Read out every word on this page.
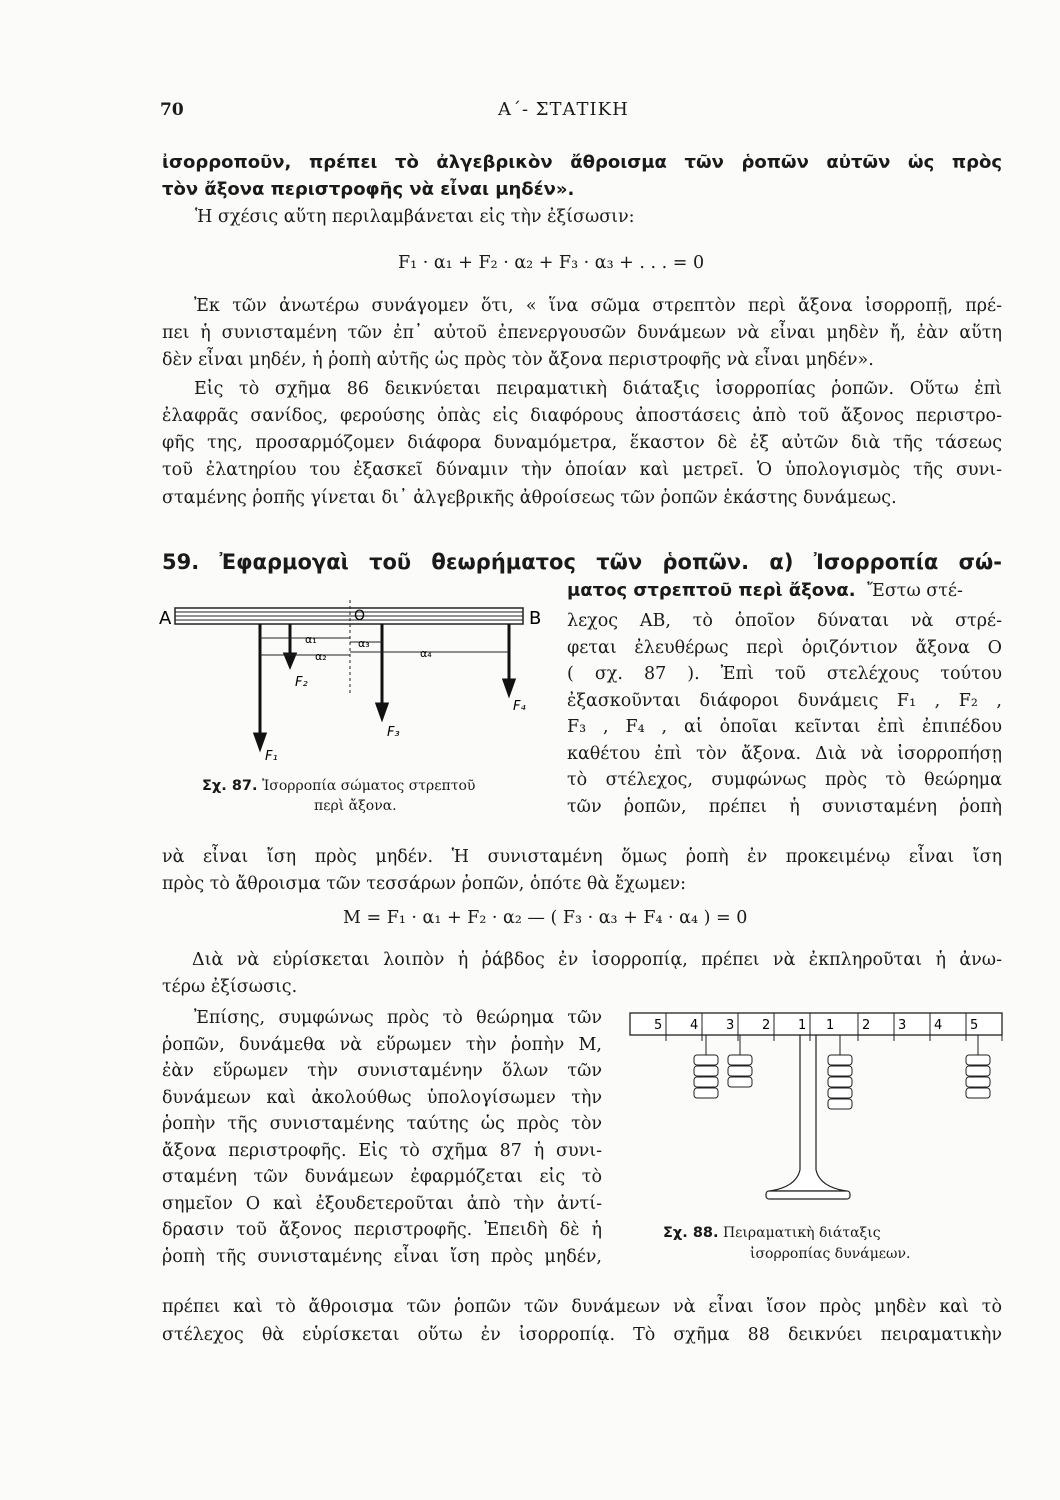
70	Α΄- ΣΤΑΤΙΚΗ
ἰσορροποῦν, πρέπει τὸ ἀλγεβρικὸν ἄθροισμα τῶν ῥοπῶν αὐτῶν ὡς πρὸς
τὸν ἄξονα περιστροφῆς νὰ εἶναι μηδέν».
Ἡ σχέσις αὕτη περιλαμβάνεται εἰς τὴν ἐξίσωσιν:
F₁ · α₁ + F₂ · α₂ + F₃ · α₃ + . . . = 0
Ἐκ τῶν ἀνωτέρω συνάγομεν ὅτι, « ἵνα σῶμα στρεπτὸν περὶ ἄξονα ἰσορροπῇ, πρέ-
πει ἡ συνισταμένη τῶν ἐπ᾿ αὐτοῦ ἐπενεργουσῶν δυνάμεων νὰ εἶναι μηδὲν ἤ, ἐὰν αὕτη
δὲν εἶναι μηδέν, ἡ ῥοπὴ αὐτῆς ὡς πρὸς τὸν ἄξονα περιστροφῆς νὰ εἶναι μηδέν».
Εἰς τὸ σχῆμα 86 δεικνύεται πειραματικὴ διάταξις ἰσορροπίας ῥοπῶν. Οὕτω ἐπὶ
ἐλαφρᾶς σανίδος, φερούσης ὀπὰς εἰς διαφόρους ἀποστάσεις ἀπὸ τοῦ ἄξονος περιστρο-
φῆς της, προσαρμόζομεν διάφορα δυναμόμετρα, ἕκαστον δὲ ἐξ αὐτῶν διὰ τῆς τάσεως
τοῦ ἐλατηρίου του ἐξασκεῖ δύναμιν τὴν ὁποίαν καὶ μετρεῖ. Ὁ ὑπολογισμὸς τῆς συνι-
σταμένης ῥοπῆς γίνεται δι᾿ ἀλγεβρικῆς ἀθροίσεως τῶν ῥοπῶν ἑκάστης δυνάμεως.
59. Ἐφαρμογαὶ τοῦ θεωρήματος τῶν ῥοπῶν. α) Ἰσορροπία σώ-
ματος στρεπτοῦ περὶ ἄξονα. Ἔστω στέ-
λεχος ΑΒ, τὸ ὁποῖον δύναται νὰ στρέ-
φεται ἐλευθέρως περὶ ὁριζόντιον ἄξονα Ο
( σχ. 87 ). Ἐπὶ τοῦ στελέχους τούτου
ἐξασκοῦνται διάφοροι δυνάμεις F₁ , F₂ ,
F₃ , F₄ , αἱ ὁποῖαι κεῖνται ἐπὶ ἐπιπέδου
καθέτου ἐπὶ τὸν ἄξονα. Διὰ νὰ ἰσορροπήσῃ
τὸ στέλεχος, συμφώνως πρὸς τὸ θεώρημα
τῶν ῥοπῶν, πρέπει ἡ συνισταμένη ῥοπὴ
A	B
O
α₁
α₂
α₃
α₄
F₁
F₂
F₃
F₄
Σχ. 87. Ἰσορροπία σώματος στρεπτοῦ
περὶ ἄξονα.
νὰ εἶναι ἴση πρὸς μηδέν. Ἡ συνισταμένη ὅμως ῥοπὴ ἐν προκειμένῳ εἶναι ἴση
πρὸς τὸ ἄθροισμα τῶν τεσσάρων ῥοπῶν, ὁπότε θὰ ἔχωμεν:
M = F₁ · α₁ + F₂ · α₂ — ( F₃ · α₃ + F₄ · α₄ ) = 0
Διὰ νὰ εὑρίσκεται λοιπὸν ἡ ῥάβδος ἐν ἰσορροπίᾳ, πρέπει νὰ ἐκπληροῦται ἡ ἀνω-
τέρω ἐξίσωσις.
Ἐπίσης, συμφώνως πρὸς τὸ θεώρημα τῶν
ῥοπῶν, δυνάμεθα νὰ εὕρωμεν τὴν ῥοπὴν Μ,
ἐὰν εὕρωμεν τὴν συνισταμένην ὅλων τῶν
δυνάμεων καὶ ἀκολούθως ὑπολογίσωμεν τὴν
ῥοπὴν τῆς συνισταμένης ταύτης ὡς πρὸς τὸν
ἄξονα περιστροφῆς. Εἰς τὸ σχῆμα 87 ἡ συνι-
σταμένη τῶν δυνάμεων ἐφαρμόζεται εἰς τὸ
σημεῖον Ο καὶ ἐξουδετεροῦται ἀπὸ τὴν ἀντί-
δρασιν τοῦ ἄξονος περιστροφῆς. Ἐπειδὴ δὲ ἡ
ῥοπὴ τῆς συνισταμένης εἶναι ἴση πρὸς μηδέν,
5 4 3 2 1 1 2 3 4 5
Σχ. 88. Πειραματικὴ διάταξις
ἰσορροπίας δυνάμεων.
πρέπει καὶ τὸ ἄθροισμα τῶν ῥοπῶν τῶν δυνάμεων νὰ εἶναι ἴσον πρὸς μηδὲν καὶ τὸ
στέλεχος θὰ εὑρίσκεται οὕτω ἐν ἰσορροπίᾳ. Τὸ σχῆμα 88 δεικνύει πειραματικὴν
